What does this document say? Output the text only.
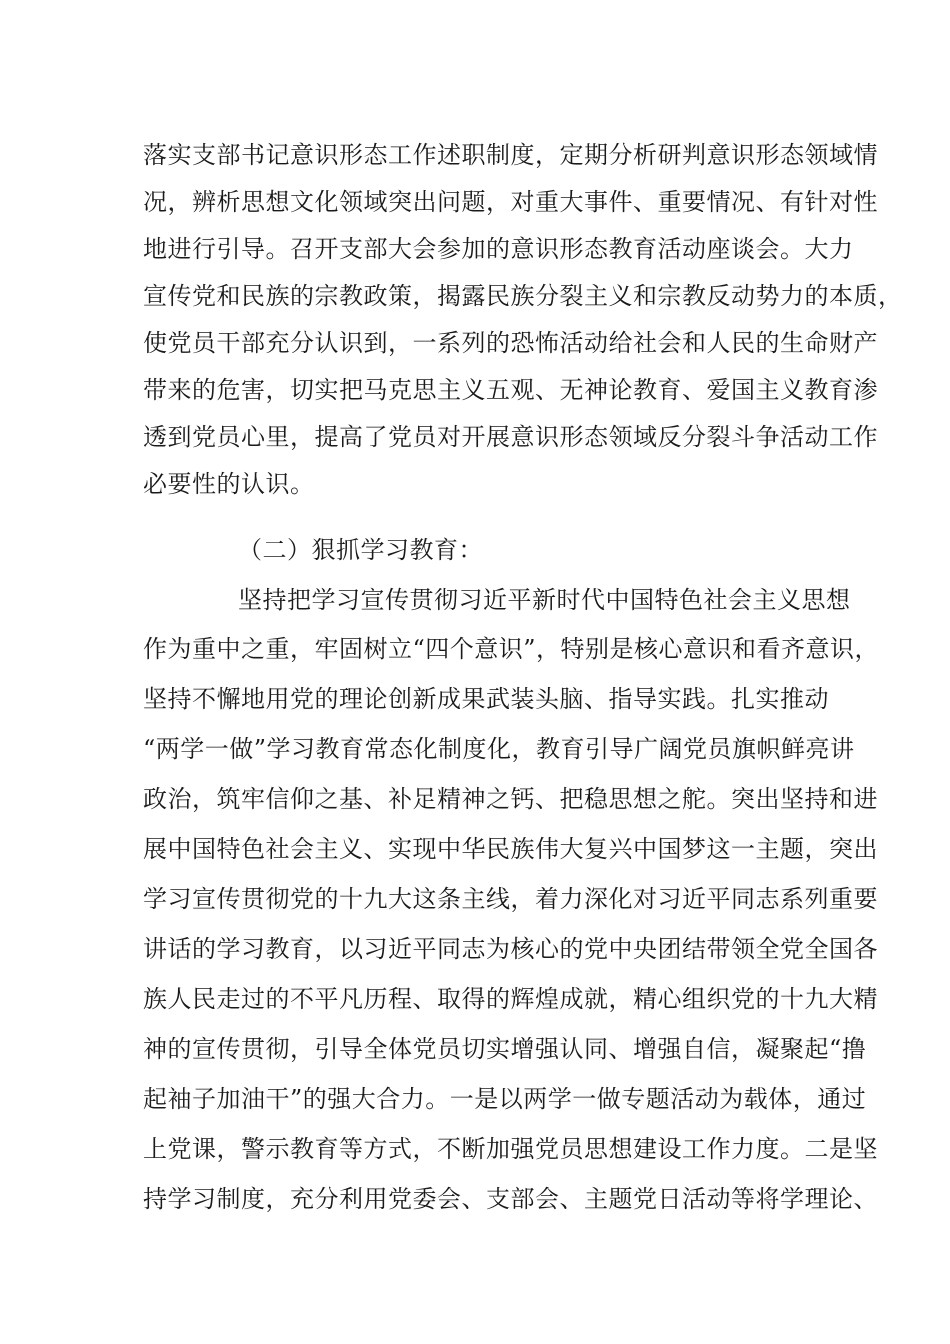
落实支部书记意识形态工作述职制度，定期分析研判意识形态领域情
况，辨析思想文化领域突出问题，对重大事件、重要情况、有针对性
地进行引导。召开支部大会参加的意识形态教育活动座谈会。大力
宣传党和民族的宗教政策，揭露民族分裂主义和宗教反动势力的本质，
使党员干部充分认识到，一系列的恐怖活动给社会和人民的生命财产
带来的危害，切实把马克思主义五观、无神论教育、爱国主义教育渗
透到党员心里，提高了党员对开展意识形态领域反分裂斗争活动工作
必要性的认识。
（二）狠抓学习教育：
坚持把学习宣传贯彻习近平新时代中国特色社会主义思想
作为重中之重，牢固树立“四个意识”，特别是核心意识和看齐意识，
坚持不懈地用党的理论创新成果武装头脑、指导实践。扎实推动
“两学一做”学习教育常态化制度化，教育引导广阔党员旗帜鲜亮讲
政治，筑牢信仰之基、补足精神之钙、把稳思想之舵。突出坚持和进
展中国特色社会主义、实现中华民族伟大复兴中国梦这一主题，突出
学习宣传贯彻党的十九大这条主线，着力深化对习近平同志系列重要
讲话的学习教育，以习近平同志为核心的党中央团结带领全党全国各
族人民走过的不平凡历程、取得的辉煌成就，精心组织党的十九大精
神的宣传贯彻，引导全体党员切实增强认同、增强自信，凝聚起“撸
起袖子加油干”的强大合力。一是以两学一做专题活动为载体，通过
上党课，警示教育等方式，不断加强党员思想建设工作力度。二是坚
持学习制度，充分利用党委会、支部会、主题党日活动等将学理论、
